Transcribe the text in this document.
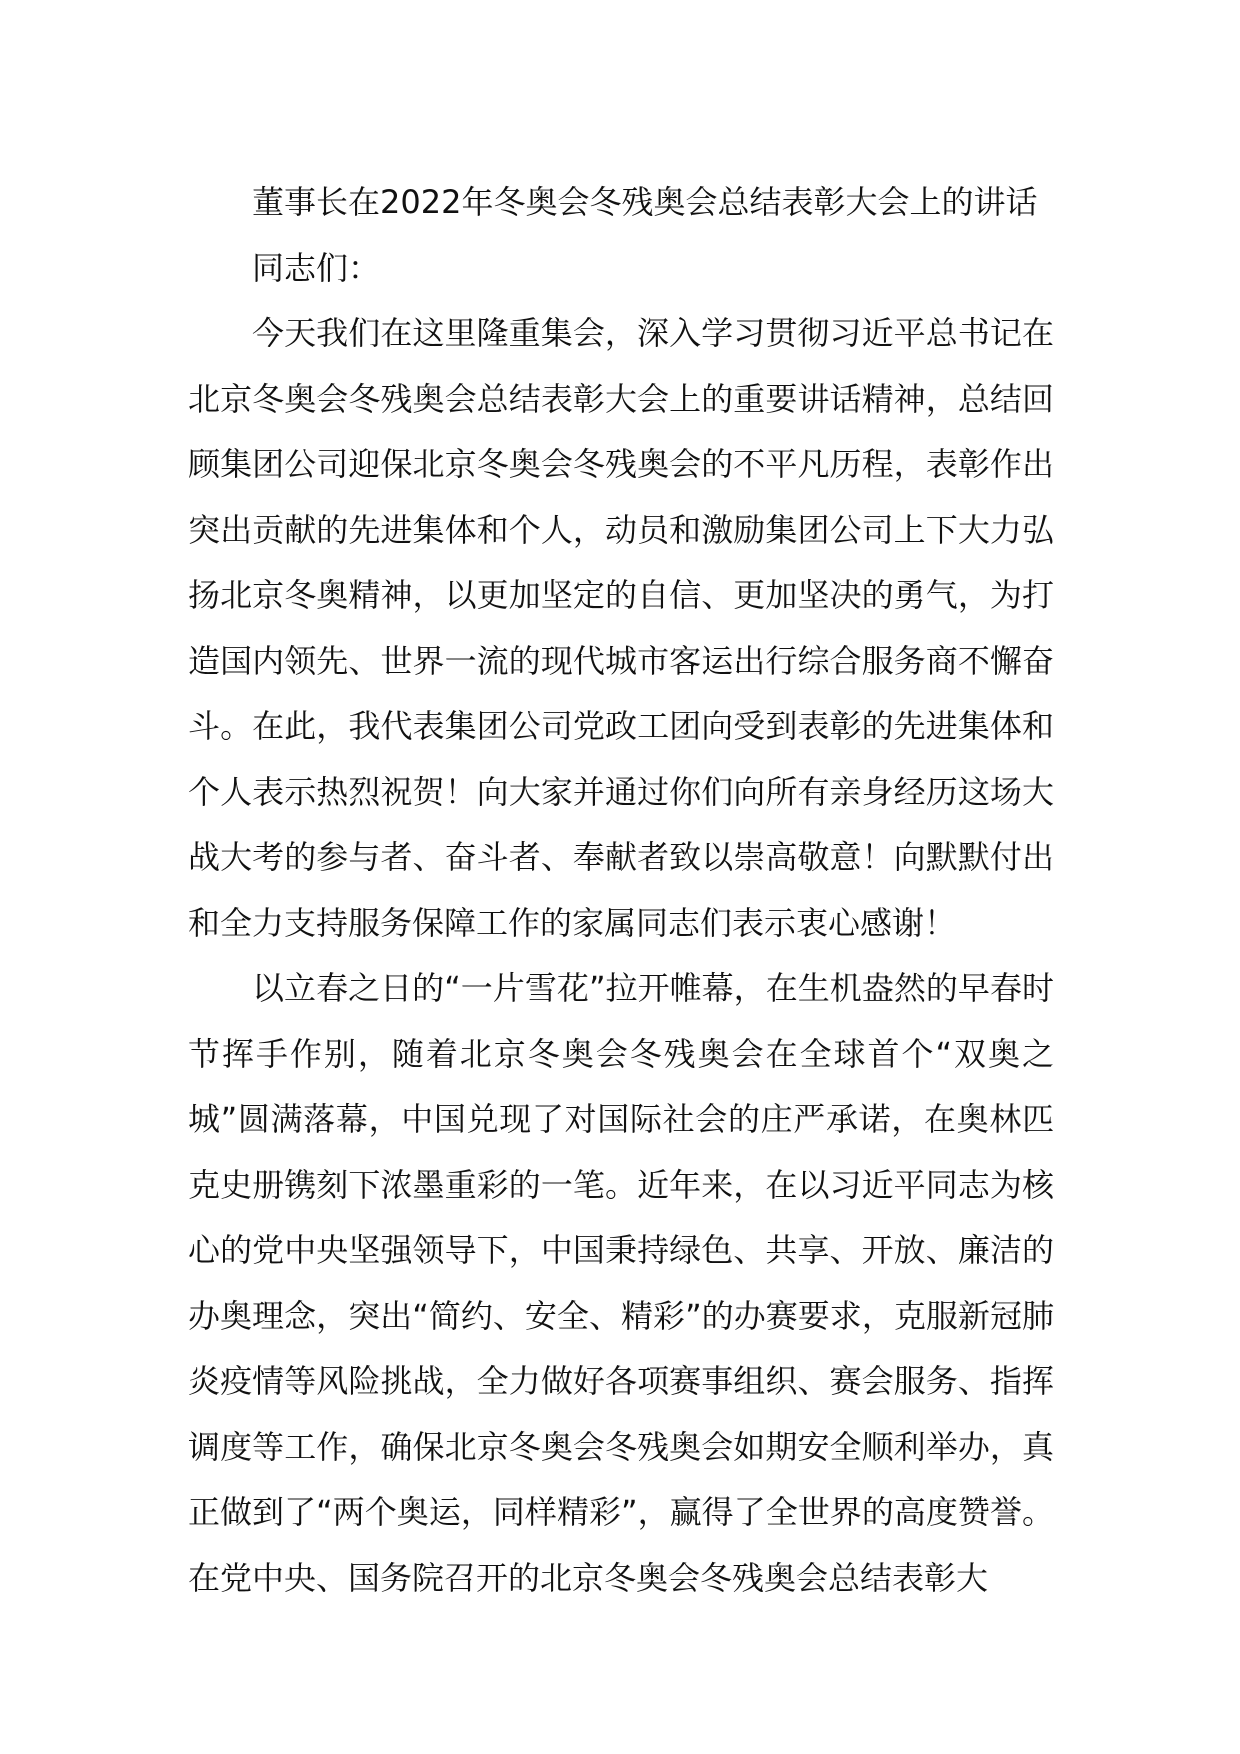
董事长在2022年冬奥会冬残奥会总结表彰大会上的讲话

同志们：

今天我们在这里隆重集会，深入学习贯彻习近平总书记在北京冬奥会冬残奥会总结表彰大会上的重要讲话精神，总结回顾集团公司迎保北京冬奥会冬残奥会的不平凡历程，表彰作出突出贡献的先进集体和个人，动员和激励集团公司上下大力弘扬北京冬奥精神，以更加坚定的自信、更加坚决的勇气，为打造国内领先、世界一流的现代城市客运出行综合服务商不懈奋斗。在此，我代表集团公司党政工团向受到表彰的先进集体和个人表示热烈祝贺！向大家并通过你们向所有亲身经历这场大战大考的参与者、奋斗者、奉献者致以崇高敬意！向默默付出和全力支持服务保障工作的家属同志们表示衷心感谢！

以立春之日的“一片雪花”拉开帷幕，在生机盎然的早春时节挥手作别，随着北京冬奥会冬残奥会在全球首个“双奥之城”圆满落幕，中国兑现了对国际社会的庄严承诺，在奥林匹克史册镌刻下浓墨重彩的一笔。近年来，在以习近平同志为核心的党中央坚强领导下，中国秉持绿色、共享、开放、廉洁的办奥理念，突出“简约、安全、精彩”的办赛要求，克服新冠肺炎疫情等风险挑战，全力做好各项赛事组织、赛会服务、指挥调度等工作，确保北京冬奥会冬残奥会如期安全顺利举办，真正做到了“两个奥运，同样精彩”，赢得了全世界的高度赞誉。在党中央、国务院召开的北京冬奥会冬残奥会总结表彰大
